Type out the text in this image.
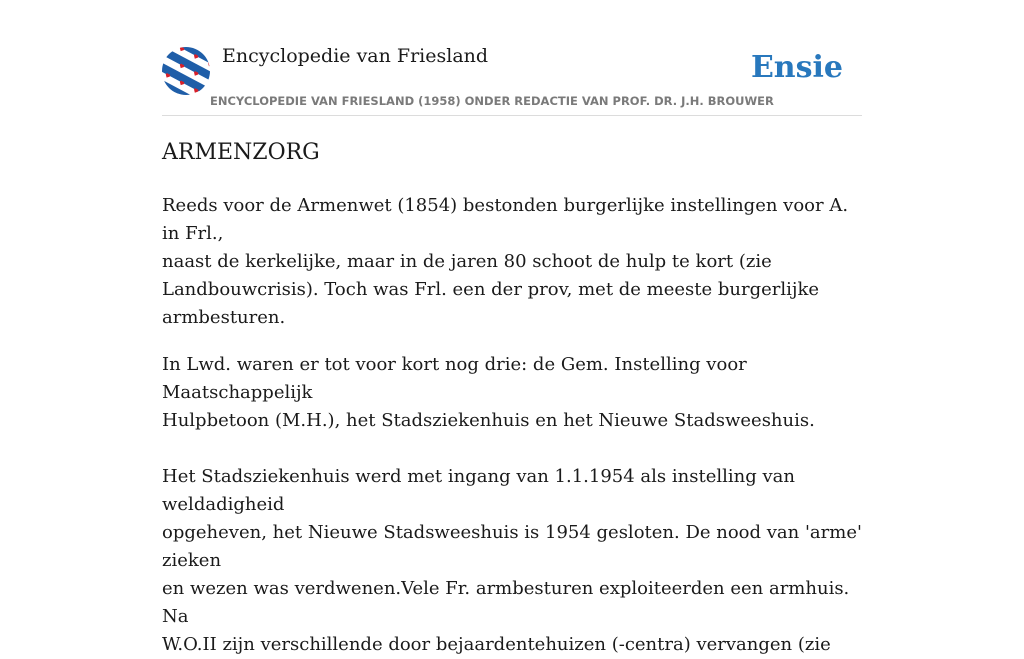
Encyclopedie van Friesland	Ensie
ENCYCLOPEDIE VAN FRIESLAND (1958) ONDER REDACTIE VAN PROF. DR. J.H. BROUWER
ARMENZORG

Reeds voor de Armenwet (1854) bestonden burgerlijke instellingen voor A. in Frl.,
naast de kerkelijke, maar in de jaren 80 schoot de hulp te kort (zie
Landbouwcrisis). Toch was Frl. een der prov, met de meeste burgerlijke
armbesturen.

In Lwd. waren er tot voor kort nog drie: de Gem. Instelling voor Maatschappelijk
Hulpbetoon (M.H.), het Stadsziekenhuis en het Nieuwe Stadsweeshuis.

Het Stadsziekenhuis werd met ingang van 1.1.1954 als instelling van weldadigheid
opgeheven, het Nieuwe Stadsweeshuis is 1954 gesloten. De nood van 'arme' zieken
en wezen was verdwenen.Vele Fr. armbesturen exploiteerden een armhuis. Na
W.O.II zijn verschillende door bejaardentehuizen (-centra) vervangen (zie
